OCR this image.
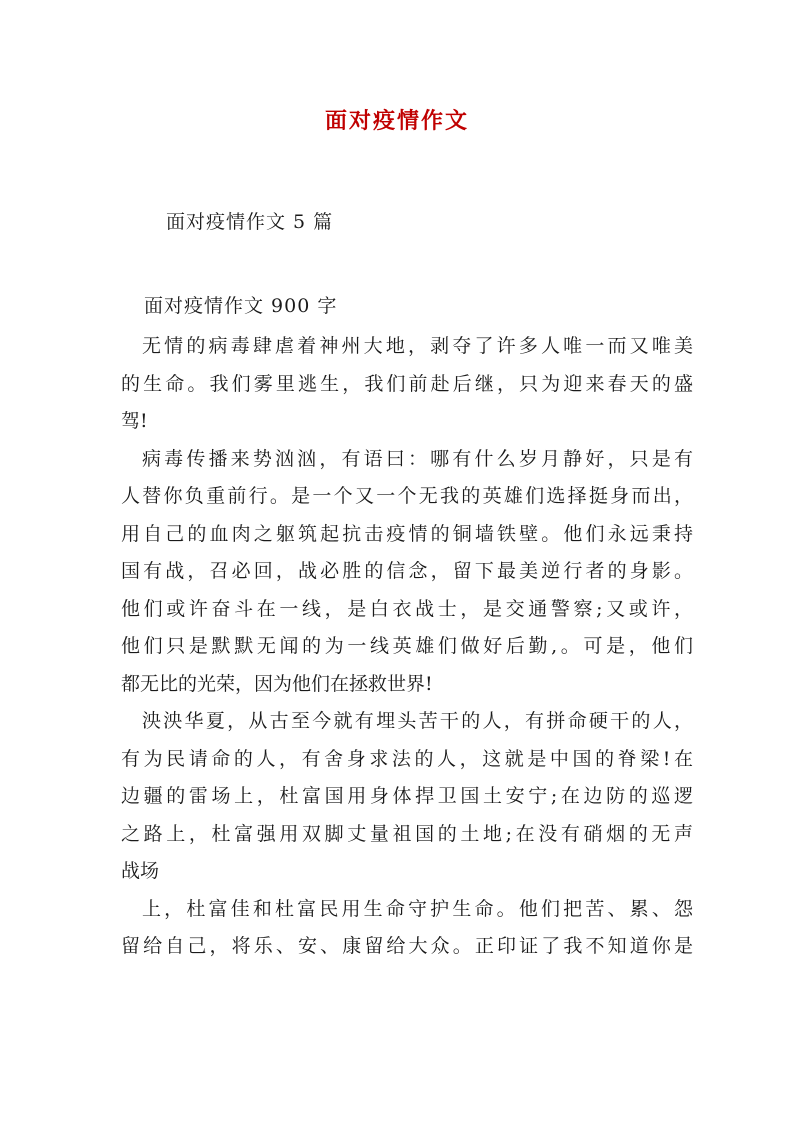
面对疫情作文
面对疫情作文 5 篇
面对疫情作文 900 字
无情的病毒肆虐着神州大地，剥夺了许多人唯一而又唯美
的生命。我们雾里逃生，我们前赴后继，只为迎来春天的盛
驾!
病毒传播来势汹汹，有语曰：哪有什么岁月静好，只是有
人替你负重前行。是一个又一个无我的英雄们选择挺身而出，
用自己的血肉之躯筑起抗击疫情的铜墙铁壁。他们永远秉持
国有战，召必回，战必胜的信念，留下最美逆行者的身影。
他们或许奋斗在一线，是白衣战士，是交通警察;又或许，
他们只是默默无闻的为一线英雄们做好后勤,。可是，他们
都无比的光荣，因为他们在拯救世界!
泱泱华夏，从古至今就有埋头苦干的人，有拼命硬干的人，
有为民请命的人，有舍身求法的人，这就是中国的脊梁!在
边疆的雷场上，杜富国用身体捍卫国土安宁;在边防的巡逻
之路上，杜富强用双脚丈量祖国的土地;在没有硝烟的无声
战场
上，杜富佳和杜富民用生命守护生命。他们把苦、累、怨
留给自己，将乐、安、康留给大众。正印证了我不知道你是
